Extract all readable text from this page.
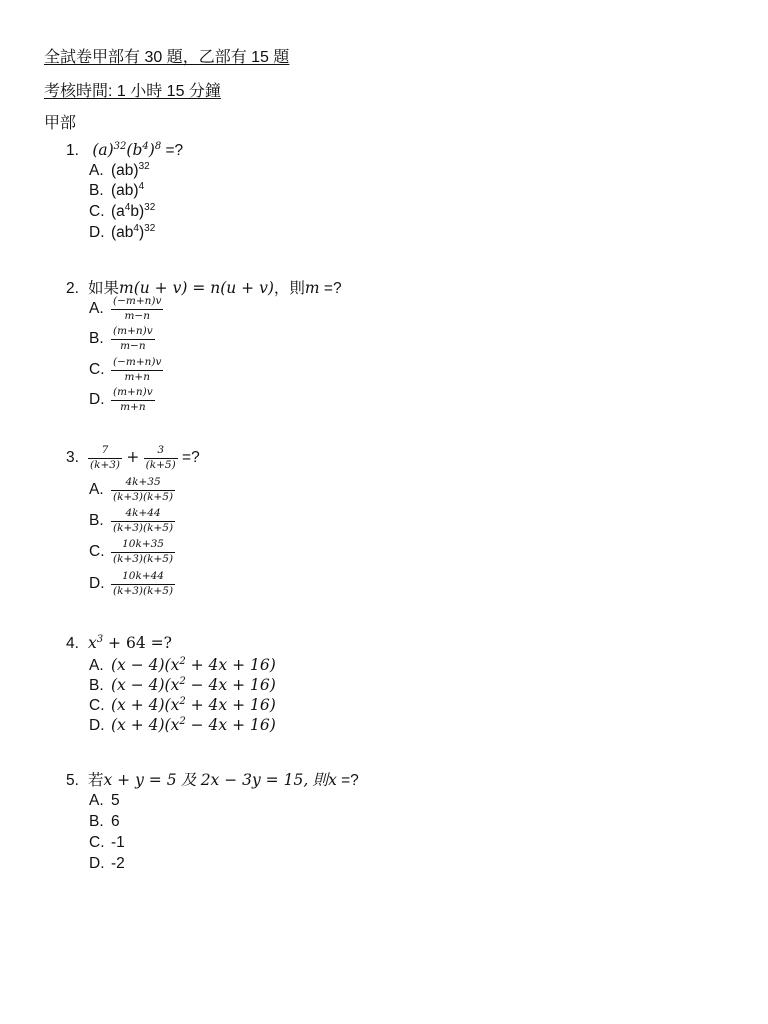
全試卷甲部有 30 題，乙部有 15 題
考核時間: 1 小時 15 分鐘
甲部
1. $(a)^{32}(b^4)^8$ =?
A. (ab)$^{32}$
B. (ab)$^4$
C. $(a^4b)^{32}$
D. $(ab^4)^{32}$
2. 如果m(u + v) = n(u + v)，則m =?
A. $\frac{(-m+n)v}{m-n}$
B. $\frac{(m+n)v}{m-n}$
C. $\frac{(-m+n)v}{m+n}$
D. $\frac{(m+n)v}{m+n}$
3. $\frac{7}{(k+3)} + \frac{3}{(k+5)}$ =?
A. $\frac{4k+35}{(k+3)(k+5)}$
B. $\frac{4k+44}{(k+3)(k+5)}$
C. $\frac{10k+35}{(k+3)(k+5)}$
D. $\frac{10k+44}{(k+3)(k+5)}$
4. $x^3 + 64$ =?
A. $(x - 4)(x^2 + 4x + 16)$
B. $(x - 4)(x^2 - 4x + 16)$
C. $(x + 4)(x^2 + 4x + 16)$
D. $(x + 4)(x^2 - 4x + 16)$
5. 若x + y = 5 及 2x − 3y = 15, 則x =?
A. 5
B. 6
C. -1
D. -2
